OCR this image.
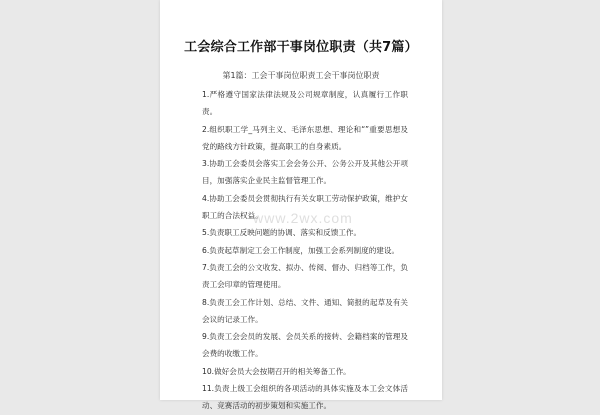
工会综合工作部干事岗位职责（共7篇）
第1篇：工会干事岗位职责工会干事岗位职责
1.严格遵守国家法律法规及公司规章制度，认真履行工作职责。
2.组织职工学_马列主义、毛泽东思想、理论和“”重要思想及党的路线方针政策，提高职工的自身素质。
3.协助工会委员会落实工会会务公开、公务公开及其他公开项目，加强落实企业民主监督管理工作。
4.协助工会委员会贯彻执行有关女职工劳动保护政策，维护女职工的合法权益。
5.负责职工反映问题的协调、落实和反馈工作。
6.负责起草制定工会工作制度，加强工会系列制度的建设。
7.负责工会的公文收发、拟办、传阅、督办、归档等工作，负责工会印章的管理使用。
8.负责工会工作计划、总结、文件、通知、简报的起草及有关会议的记录工作。
9.负责工会会员的发展、会员关系的接转、会籍档案的管理及会费的收缴工作。
10.做好会员大会按期召开的相关筹备工作。
11.负责上级工会组织的各项活动的具体实施及本工会文体活动、竞赛活动的初步策划和实施工作。
www.2wx.com
